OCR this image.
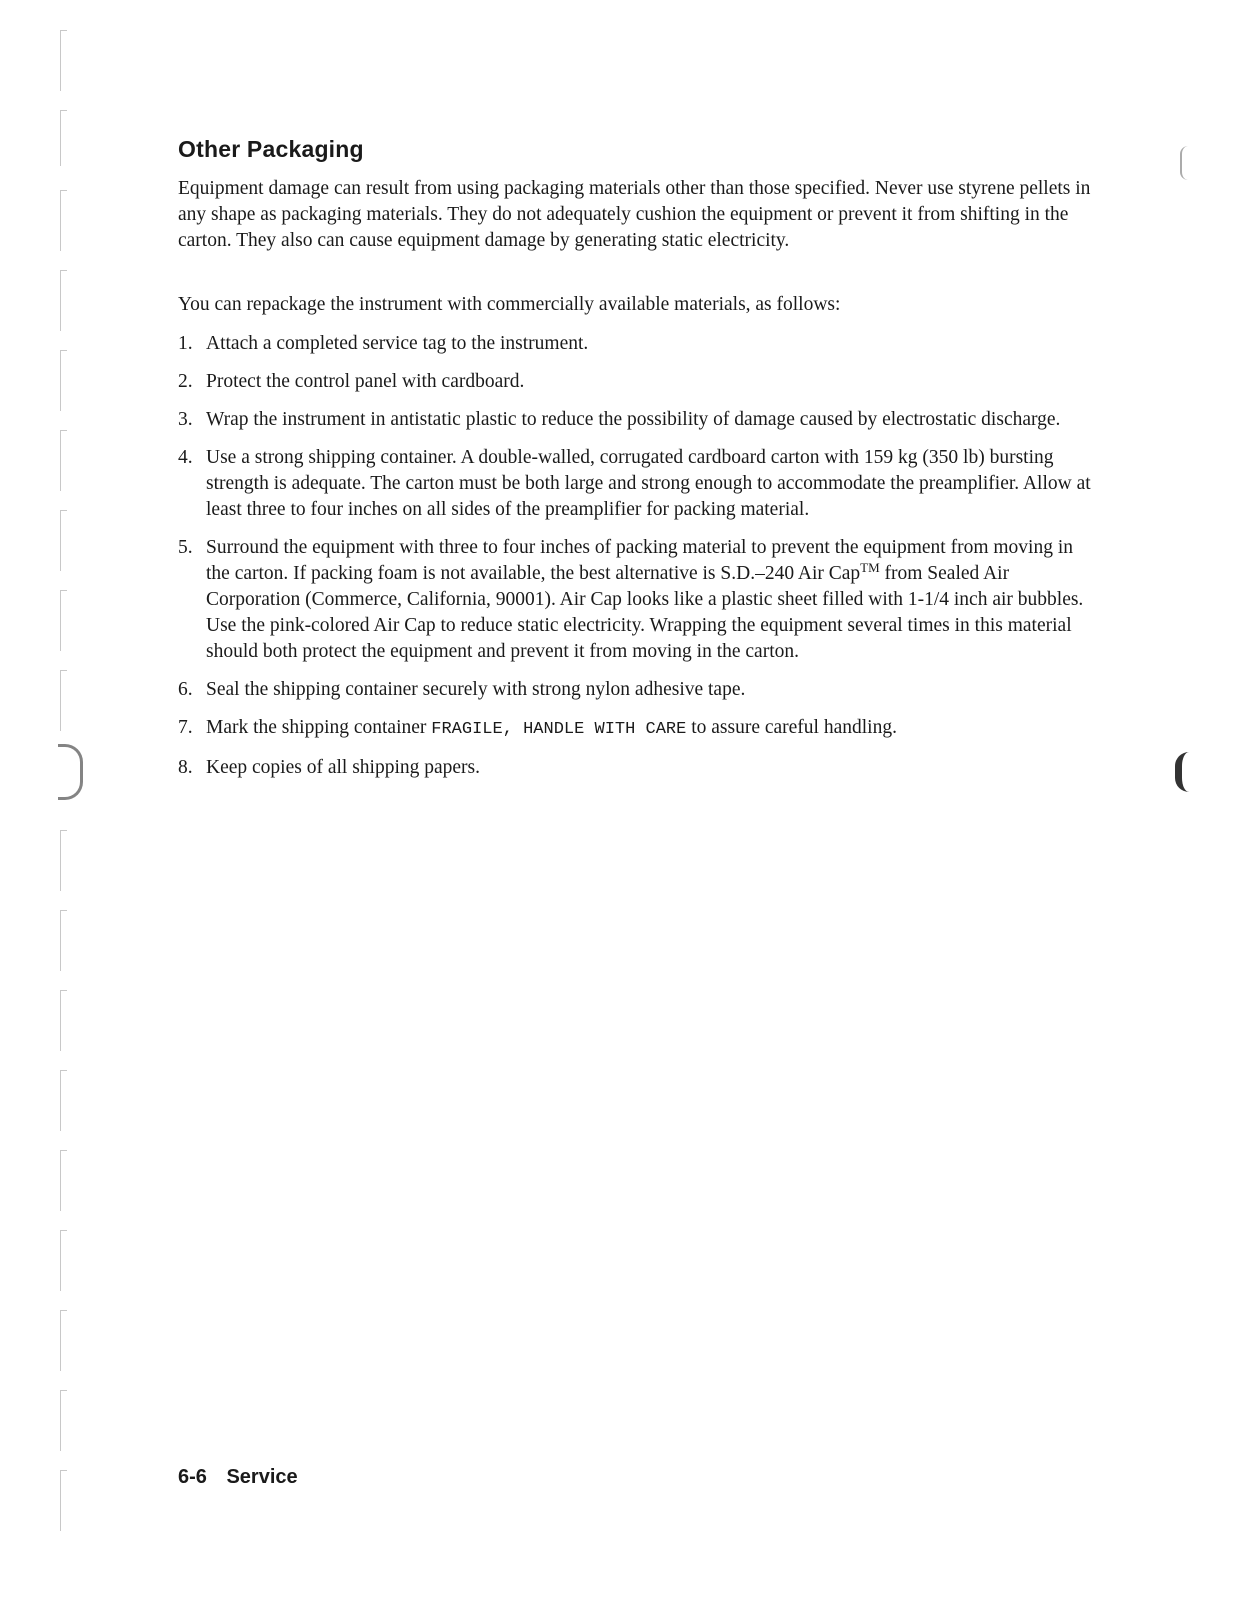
Other Packaging

Equipment damage can result from using packaging materials other than those specified. Never use styrene pellets in any shape as packaging materials. They do not adequately cushion the equipment or prevent it from shifting in the carton. They also can cause equipment damage by generating static electricity.

You can repackage the instrument with commercially available materials, as follows:

1. Attach a completed service tag to the instrument.
2. Protect the control panel with cardboard.
3. Wrap the instrument in antistatic plastic to reduce the possibility of damage caused by electrostatic discharge.
4. Use a strong shipping container. A double-walled, corrugated cardboard carton with 159 kg (350 lb) bursting strength is adequate. The carton must be both large and strong enough to accommodate the preamplifier. Allow at least three to four inches on all sides of the preamplifier for packing material.
5. Surround the equipment with three to four inches of packing material to prevent the equipment from moving in the carton. If packing foam is not available, the best alternative is S.D.–240 Air Cap™ from Sealed Air Corporation (Commerce, California, 90001). Air Cap looks like a plastic sheet filled with 1-1/4 inch air bubbles. Use the pink-colored Air Cap to reduce static electricity. Wrapping the equipment several times in this material should both protect the equipment and prevent it from moving in the carton.
6. Seal the shipping container securely with strong nylon adhesive tape.
7. Mark the shipping container FRAGILE, HANDLE WITH CARE to assure careful handling.
8. Keep copies of all shipping papers.
6-6 Service
